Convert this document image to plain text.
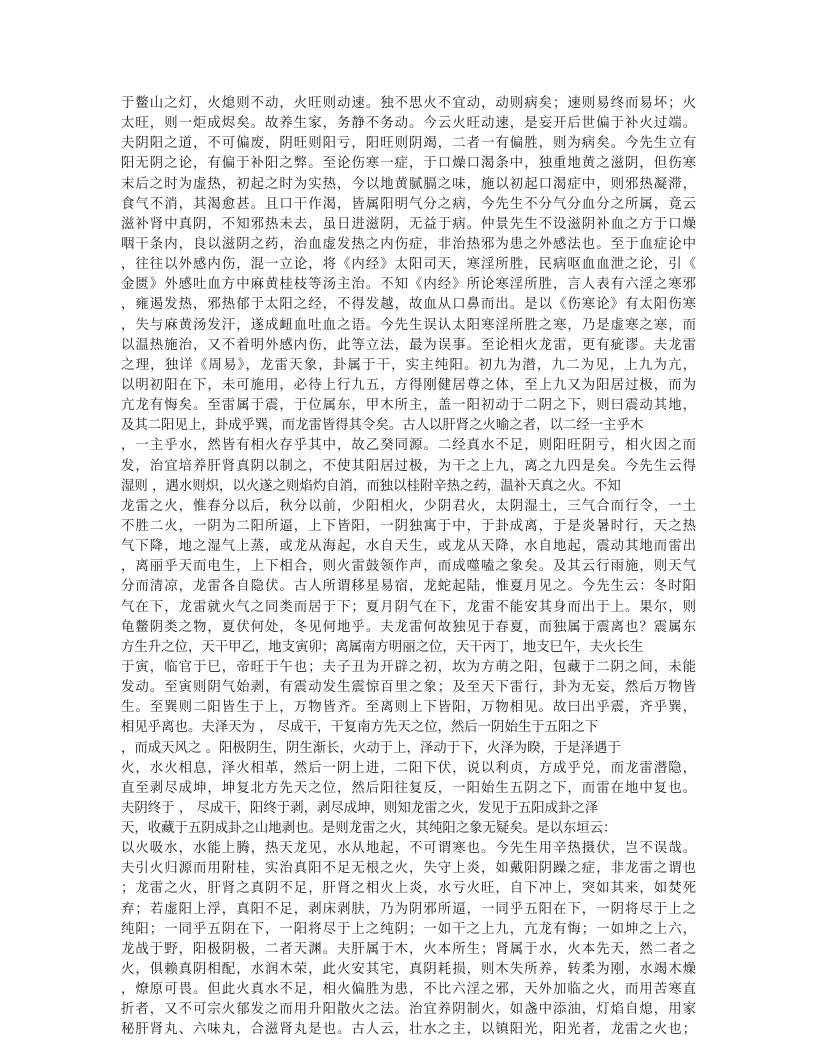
于鳖山之灯，火熄则不动，火旺则动速。独不思火不宜动，动则病矣；速则易终而易坏；火
太旺，则一炬成烬矣。故养生家，务静不务动。今云火旺动速，是妄开后世偏于补火过端。
夫阴阳之道，不可偏废，阴旺则阳亏，阳旺则阴竭，二者一有偏胜，则为病矣。今先生立有
阳无阴之论，有偏于补阳之弊。至论伤寒一症，于口燥口渴条中，独重地黄之滋阴，但伤寒
末后之时为虚热，初起之时为实热，今以地黄腻膈之味，施以初起口渴症中，则邪热凝滞，
食气不消，其渴愈甚。且口干作渴，皆属阳明气分之病，今先生不分气分血分之所属，竟云
滋补肾中真阴，不知邪热未去，虽日进滋阴，无益于病。仲景先生不设滋阴补血之方于口燥
咽干条内，良以滋阴之药，治血虚发热之内伤症，非治热邪为患之外感法也。至于血症论中
，往往以外感内伤，混一立论，将《内经》太阳司天，寒淫所胜，民病呕血血泄之论，引《
金匮》外感吐血方中麻黄桂枝等汤主治。不知《内经》所论寒淫所胜，言人表有六淫之寒邪
，雍遏发热，邪热郁于太阳之经，不得发越，故血从口鼻而出。是以《伤寒论》有太阳伤寒
，失与麻黄汤发汗，遂成衄血吐血之语。今先生误认太阳寒淫所胜之寒，乃是虚寒之寒，而
以温热施治，又不着明外感内伤，此等立法，最为误事。至论相火龙雷，更有疵谬。夫龙雷
之理，独详《周易》，龙雷天象，卦属于干，实主纯阳。初九为潜，九二为见，上九为亢，
以明初阳在下，未可施用，必待上行九五，方得刚健居尊之体，至上九又为阳居过极，而为
亢龙有悔矣。至雷属于震，于位属东，甲木所主，盖一阳初动于二阴之下，则曰震动其地，
及其二阳见上，卦成乎巽，而龙雷皆得其令矣。古人以肝肾之火喻之者，以二经一主乎木
，一主乎水，然皆有相火存乎其中，故乙癸同源。二经真水不足，则阳旺阴亏，相火因之而
发，治宜培养肝肾真阴以制之，不使其阳居过极，为干之上九，离之九四是矣。今先生云得
湿则 ，遇水则炽，以火遂之则焰灼自消，而独以桂附辛热之药，温补天真之火。不知
龙雷之火，惟春分以后，秋分以前，少阳相火，少阴君火，太阴湿土，三气合而行令，一土
不胜二火，一阴为二阳所逼，上下皆阳，一阴独寓于中，于卦成离，于是炎暑时行，天之热
气下降，地之湿气上蒸，或龙从海起，水自天生，或龙从天降，水自地起，震动其地而雷出
，离丽乎天而电生，上下相合，则火雷鼓领作声，而成噬嗑之象矣。及其云行雨施，则天气
分而清凉，龙雷各自隐伏。古人所谓移星易宿，龙蛇起陆，惟夏月见之。今先生云：冬时阳
气在下，龙雷就火气之同类而居于下；夏月阴气在下，龙雷不能安其身而出于上。果尔，则
龟鳖阴类之物，夏伏何处，冬见何地乎。夫龙雷何故独见于春夏，而独属于震离也？震属东
方生升之位，天干甲乙，地支寅卯；离属南方明丽之位，天干丙丁，地支巳午，夫火长生
于寅，临官于巳，帝旺于午也；夫子丑为开辟之初，坎为方萌之阳，包藏于二阴之间，未能
发动。至寅则阴气始剥，有震动发生震惊百里之象；及至天下雷行，卦为无妄，然后万物皆
生。至巽则二阳皆生于上，万物皆齐。至离则上下皆阳，万物相见。故曰出乎震，齐乎巽，
相见乎离也。夫泽天为 ， 尽成干，干复南方先天之位，然后一阴始生于五阳之下
，而成天风之 。阳极阴生，阴生渐长，火动于上，泽动于下，火泽为睽，于是泽遇于
火，水火相息，泽火相革，然后一阴上进，二阳下伏，说以利贞，方成乎兑，而龙雷潜隐，
直至剥尽成坤，坤复北方先天之位，然后阳往复反，一阳始生五阴之下，而雷在地中复也。
夫阴终于 ， 尽成干，阳终于剥，剥尽成坤，则知龙雷之火，发见于五阳成卦之泽
天，收藏于五阴成卦之山地剥也。是则龙雷之火，其纯阳之象无疑矣。是以东垣云：
以火吸水，水能上腾，热天龙见，水从地起，不可谓寒也。今先生用辛热摄伏，岂不误哉。
夫引火归源而用附桂，实治真阳不足无根之火，失守上炎，如戴阳阴躁之症，非龙雷之谓也
；龙雷之火，肝肾之真阴不足，肝肾之相火上炎，水亏火旺，自下冲上，突如其来，如焚死
弃；若虚阳上浮，真阳不足，剥床剥肤，乃为阴邪所逼，一同乎五阳在下，一阴将尽于上之
纯阳；一同乎五阴在下，一阳将尽于上之纯阴；一如干之上九，亢龙有悔；一如坤之上六，
龙战于野，阳极阴极，二者天渊。夫肝属于木，火本所生；肾属于水，火本先天，然二者之
火，俱赖真阴相配，水润木荣，此火安其宅，真阴耗损，则木失所养，转柔为刚，水竭木燥
，燎原可畏。但此火真水不足，相火偏胜为患，不比六淫之邪，天外加临之火，而用苦寒直
折者，又不可宗火郁发之而用升阳散火之法。治宜养阴制火，如盏中添油，灯焰自熄，用家
秘肝肾丸、六味丸，合滋肾丸是也。古人云，壮水之主，以镇阳光，阳光者，龙雷之火也；
